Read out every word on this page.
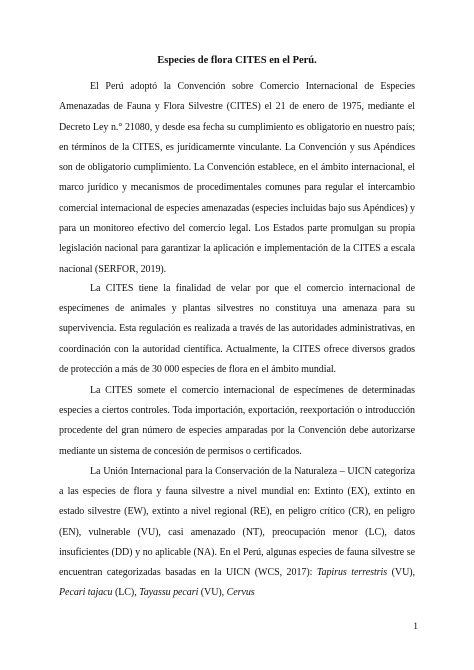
Especies de flora CITES en el Perú.

El Perú adoptó la Convención sobre Comercio Internacional de Especies Amenazadas de Fauna y Flora Silvestre (CITES) el 21 de enero de 1975, mediante el Decreto Ley n.° 21080, y desde esa fecha su cumplimiento es obligatorio en nuestro país; en términos de la CITES, es jurídicamernte vinculante. La Convención y sus Apéndices son de obligatorio cumplimiento. La Convención establece, en el ámbito internacional, el marco jurídico y mecanismos de procedimentales comunes para regular el intercambio comercial internacional de especies amenazadas (especies incluidas bajo sus Apéndices) y para un monitoreo efectivo del comercio legal. Los Estados parte promulgan su propia legislación nacional para garantizar la aplicación e implementación de la CITES a escala nacional (SERFOR, 2019).

La CITES tiene la finalidad de velar por que el comercio internacional de especímenes de animales y plantas silvestres no constituya una amenaza para su supervivencia. Esta regulación es realizada a través de las autoridades administrativas, en coordinación con la autoridad científica. Actualmente, la CITES ofrece diversos grados de protección a más de 30 000 especies de flora en el ámbito mundial.

La CITES somete el comercio internacional de especímenes de determinadas especies a ciertos controles. Toda importación, exportación, reexportación o introducción procedente del gran número de especies amparadas por la Convención debe autorizarse mediante un sistema de concesión de permisos o certificados.

La Unión Internacional para la Conservación de la Naturaleza – UICN categoriza a las especies de flora y fauna silvestre a nivel mundial en: Extinto (EX), extinto en estado silvestre (EW), extinto a nivel regional (RE), en peligro crítico (CR), en peligro (EN), vulnerable (VU), casi amenazado (NT), preocupación menor (LC), datos insuficientes (DD) y no aplicable (NA). En el Perú, algunas especies de fauna silvestre se encuentran categorizadas basadas en la UICN (WCS, 2017): Tapirus terrestris (VU), Pecari tajacu (LC), Tayassu pecari (VU), Cervus

1
